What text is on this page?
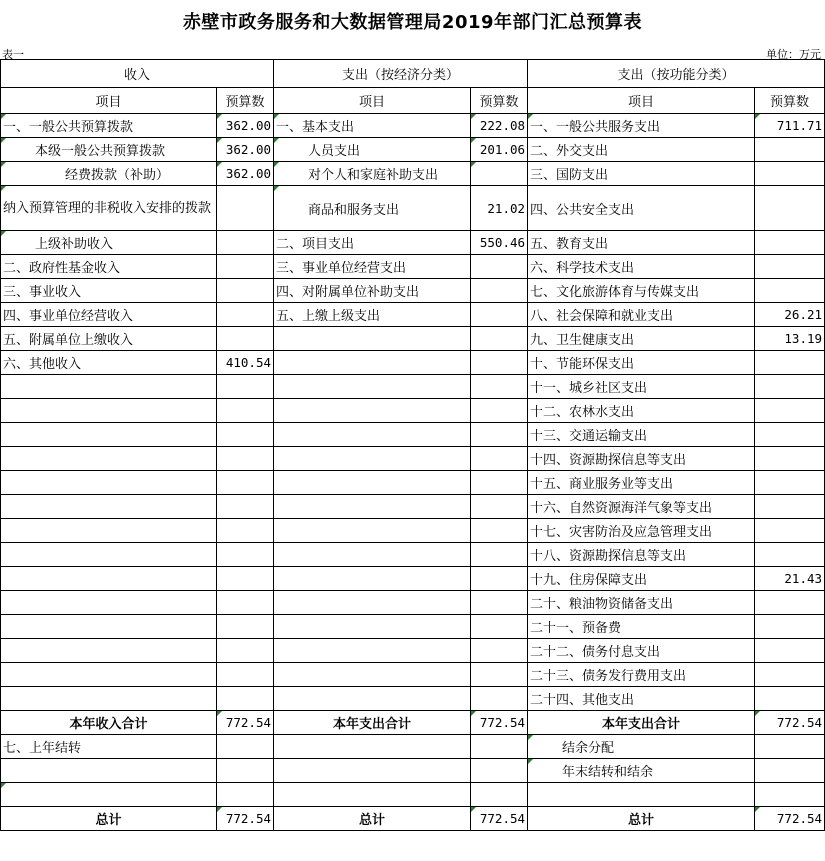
赤壁市政务服务和大数据管理局2019年部门汇总预算表
表一	单位：万元
收入		支出（按经济分类）		支出（按功能分类）	
项目	预算数	项目	预算数	项目	预算数
一、一般公共预算拨款	362.00	一、基本支出	222.08	一、一般公共服务支出	711.71
本级一般公共预算拨款	362.00	人员支出	201.06	二、外交支出	
经费拨款（补助）	362.00	对个人和家庭补助支出		三、国防支出	
纳入预算管理的非税收入安排的拨款		商品和服务支出	21.02	四、公共安全支出	
上级补助收入		二、项目支出	550.46	五、教育支出	
二、政府性基金收入		三、事业单位经营支出		六、科学技术支出	
三、事业收入		四、对附属单位补助支出		七、文化旅游体育与传媒支出	
四、事业单位经营收入		五、上缴上级支出		八、社会保障和就业支出	26.21
五、附属单位上缴收入				九、卫生健康支出	13.19
六、其他收入	410.54			十、节能环保支出	
				十一、城乡社区支出	
				十二、农林水支出	
				十三、交通运输支出	
				十四、资源勘探信息等支出	
				十五、商业服务业等支出	
				十六、自然资源海洋气象等支出	
				十七、灾害防治及应急管理支出	
				十八、资源勘探信息等支出	
				十九、住房保障支出	21.43
				二十、粮油物资储备支出	
				二十一、预备费	
				二十二、债务付息支出	
				二十三、债务发行费用支出	
				二十四、其他支出	
本年收入合计	772.54	本年支出合计	772.54	本年支出合计	772.54
七、上年结转				结余分配	
				年末结转和结余	

总计	772.54	总计	772.54	总计	772.54
